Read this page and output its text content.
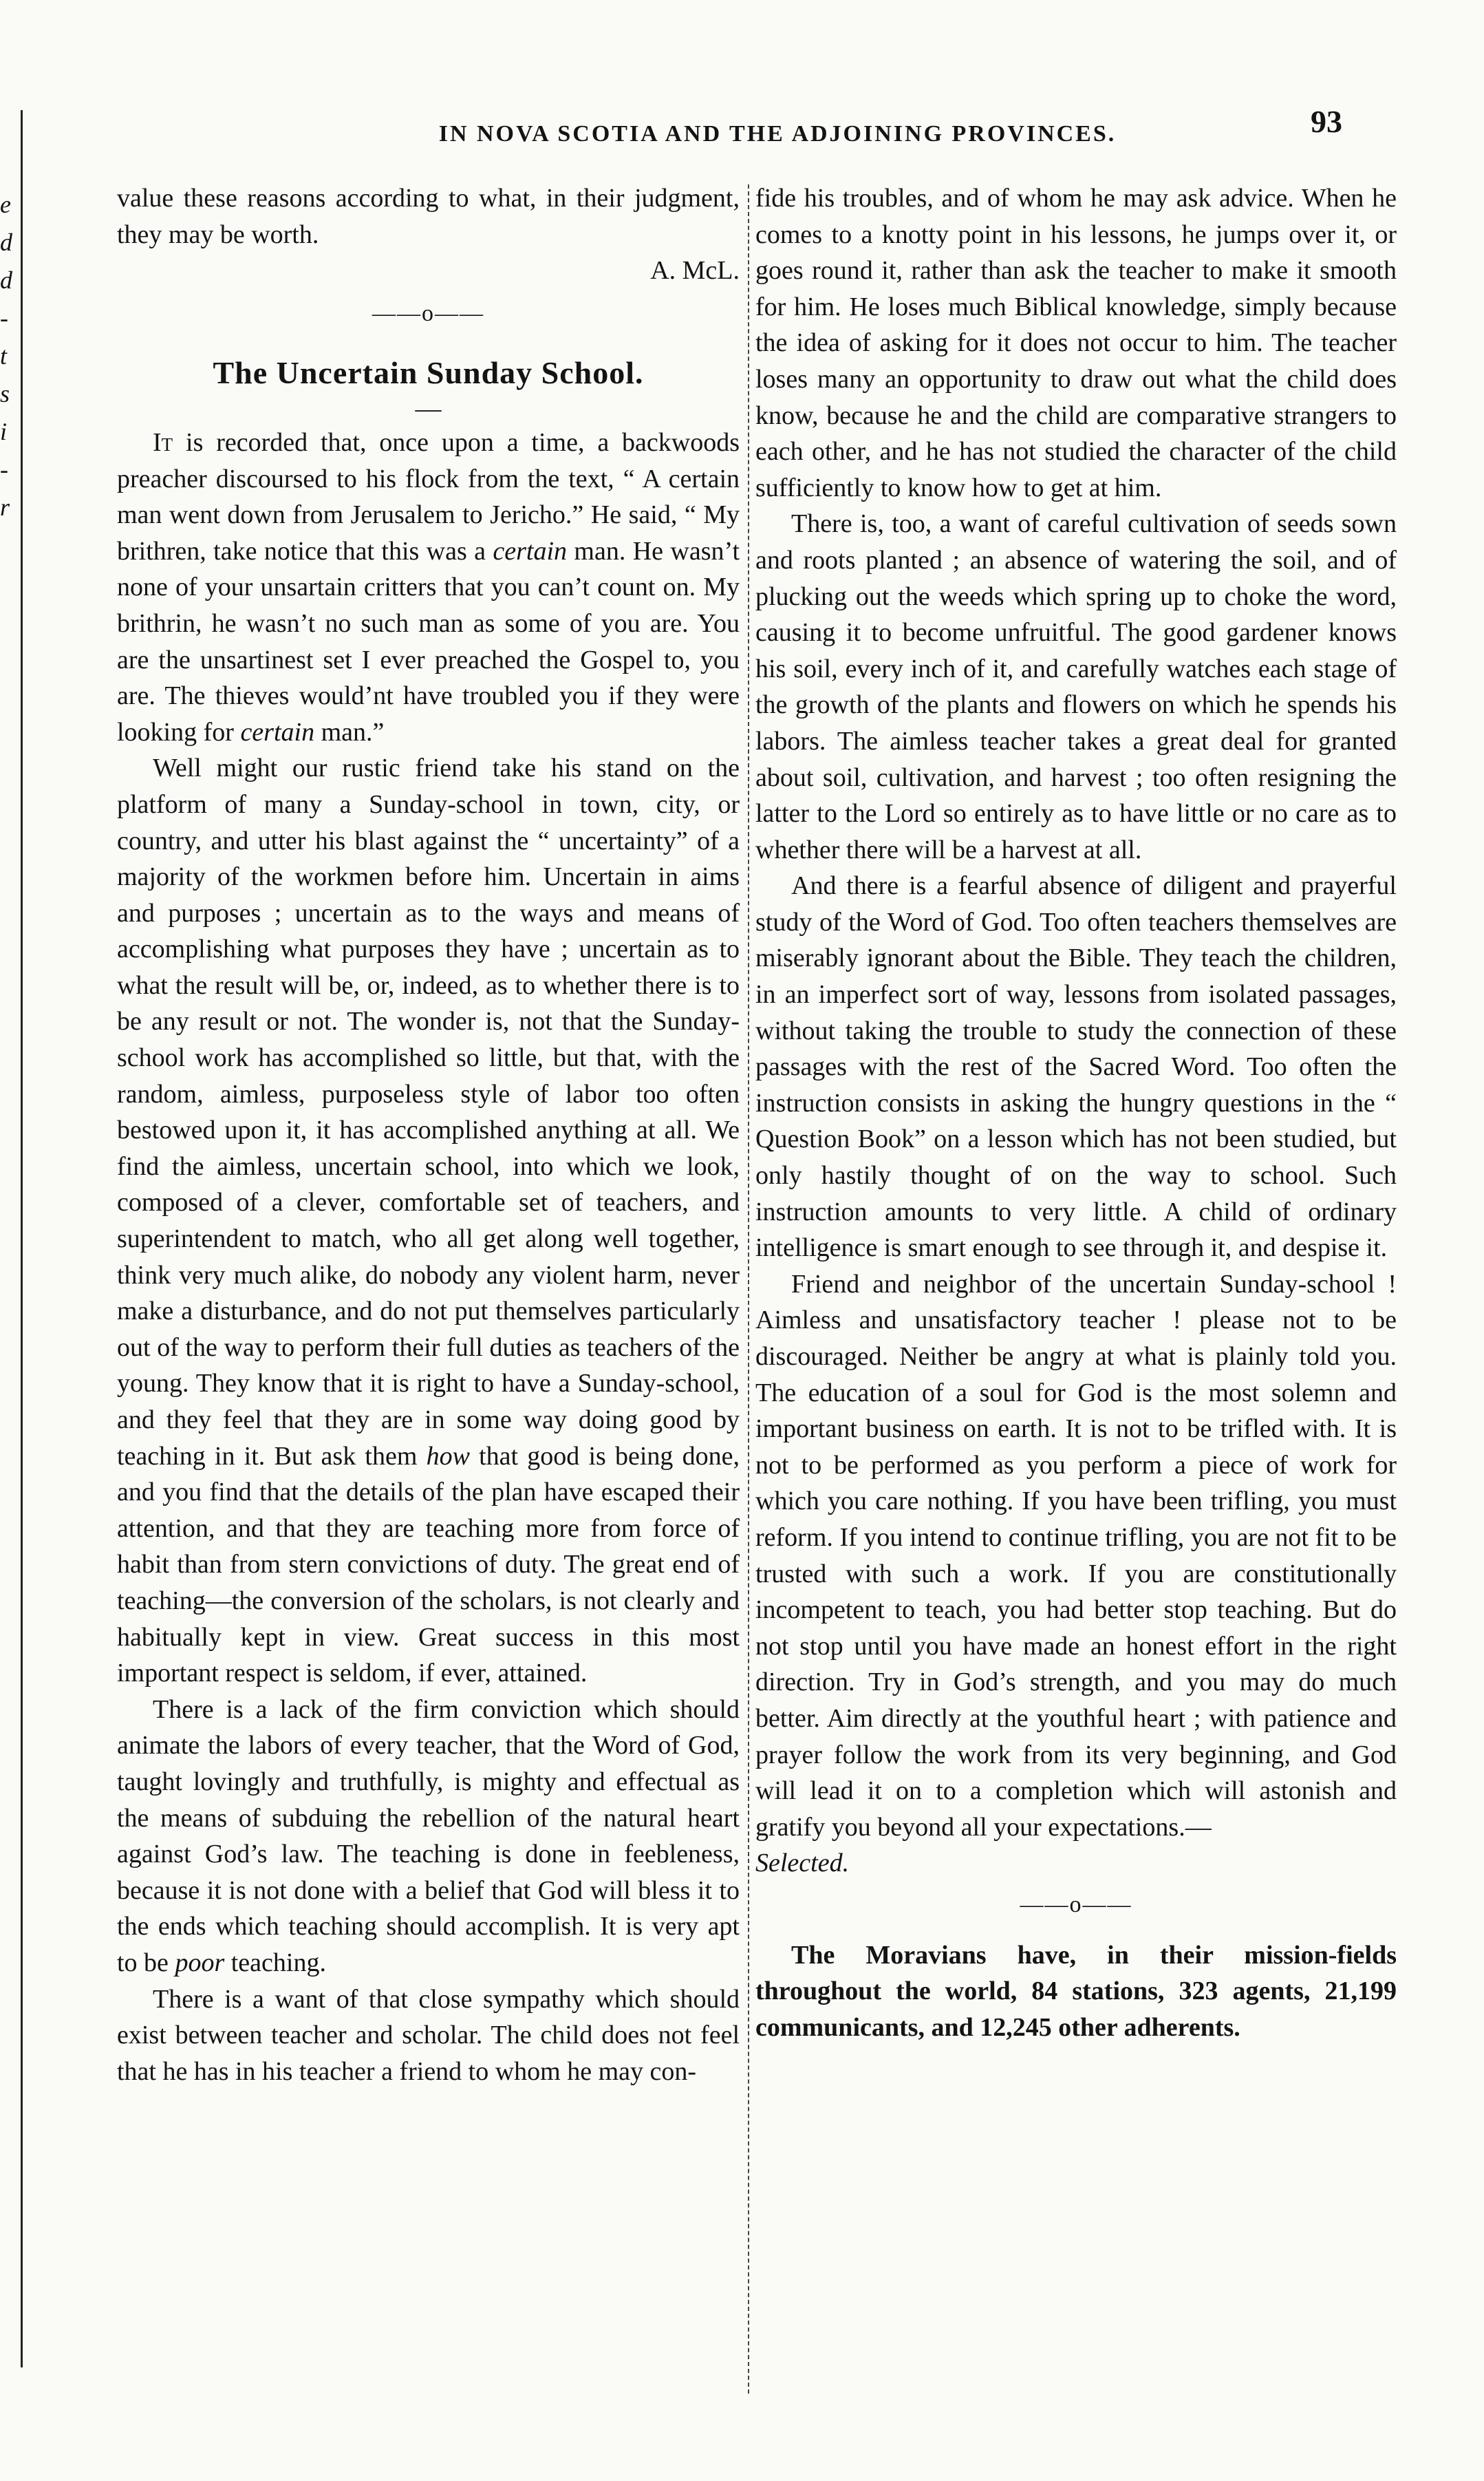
IN NOVA SCOTIA AND THE ADJOINING PROVINCES.	93
e
d
d
-
t
s
i
-
r

value these reasons according to what, in their judgment, they may be worth.

A. McL.

——o——
The Uncertain Sunday School.
—

It is recorded that, once upon a time, a backwoods preacher discoursed to his flock from the text, “ A certain man went down from Jerusalem to Jericho.” He said, “ My brithren, take notice that this was a certain man. He wasn’t none of your unsartain critters that you can’t count on. My brithrin, he wasn’t no such man as some of you are. You are the unsartinest set I ever preached the Gospel to, you are. The thieves would’nt have troubled you if they were looking for certain man.”

Well might our rustic friend take his stand on the platform of many a Sunday-school in town, city, or country, and utter his blast against the “ uncertainty” of a majority of the workmen before him. Uncertain in aims and purposes ; uncertain as to the ways and means of accomplishing what purposes they have ; uncertain as to what the result will be, or, indeed, as to whether there is to be any result or not. The wonder is, not that the Sunday-school work has accomplished so little, but that, with the random, aimless, purposeless style of labor too often bestowed upon it, it has accomplished anything at all. We find the aimless, uncertain school, into which we look, composed of a clever, comfortable set of teachers, and superintendent to match, who all get along well together, think very much alike, do nobody any violent harm, never make a disturbance, and do not put themselves particularly out of the way to perform their full duties as teachers of the young. They know that it is right to have a Sunday-school, and they feel that they are in some way doing good by teaching in it. But ask them how that good is being done, and you find that the details of the plan have escaped their attention, and that they are teaching more from force of habit than from stern convictions of duty. The great end of teaching—the conversion of the scholars, is not clearly and habitually kept in view. Great success in this most important respect is seldom, if ever, attained.

There is a lack of the firm conviction which should animate the labors of every teacher, that the Word of God, taught lovingly and truthfully, is mighty and effectual as the means of subduing the rebellion of the natural heart against God’s law. The teaching is done in feebleness, because it is not done with a belief that God will bless it to the ends which teaching should accomplish. It is very apt to be poor teaching.

There is a want of that close sympathy which should exist between teacher and scholar. The child does not feel that he has in his teacher a friend to whom he may con-

fide his troubles, and of whom he may ask advice. When he comes to a knotty point in his lessons, he jumps over it, or goes round it, rather than ask the teacher to make it smooth for him. He loses much Biblical knowledge, simply because the idea of asking for it does not occur to him. The teacher loses many an opportunity to draw out what the child does know, because he and the child are comparative strangers to each other, and he has not studied the character of the child sufficiently to know how to get at him.

There is, too, a want of careful cultivation of seeds sown and roots planted ; an absence of watering the soil, and of plucking out the weeds which spring up to choke the word, causing it to become unfruitful. The good gardener knows his soil, every inch of it, and carefully watches each stage of the growth of the plants and flowers on which he spends his labors. The aimless teacher takes a great deal for granted about soil, cultivation, and harvest ; too often resigning the latter to the Lord so entirely as to have little or no care as to whether there will be a harvest at all.

And there is a fearful absence of diligent and prayerful study of the Word of God. Too often teachers themselves are miserably ignorant about the Bible. They teach the children, in an imperfect sort of way, lessons from isolated passages, without taking the trouble to study the connection of these passages with the rest of the Sacred Word. Too often the instruction consists in asking the hungry questions in the “ Question Book” on a lesson which has not been studied, but only hastily thought of on the way to school. Such instruction amounts to very little. A child of ordinary intelligence is smart enough to see through it, and despise it.

Friend and neighbor of the uncertain Sunday-school ! Aimless and unsatisfactory teacher ! please not to be discouraged. Neither be angry at what is plainly told you. The education of a soul for God is the most solemn and important business on earth. It is not to be trifled with. It is not to be performed as you perform a piece of work for which you care nothing. If you have been trifling, you must reform. If you intend to continue trifling, you are not fit to be trusted with such a work. If you are constitutionally incompetent to teach, you had better stop teaching. But do not stop until you have made an honest effort in the right direction. Try in God’s strength, and you may do much better. Aim directly at the youthful heart ; with patience and prayer follow the work from its very beginning, and God will lead it on to a completion which will astonish and gratify you beyond all your expectations.—
Selected.

——o——

The Moravians have, in their mission-fields throughout the world, 84 stations, 323 agents, 21,199 communicants, and 12,245 other adherents.
